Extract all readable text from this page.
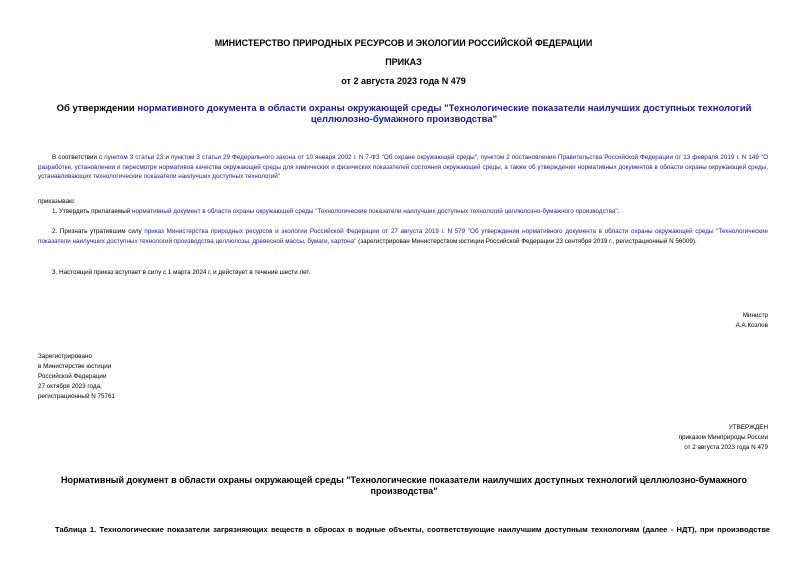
МИНИСТЕРСТВО ПРИРОДНЫХ РЕСУРСОВ И ЭКОЛОГИИ РОССИЙСКОЙ ФЕДЕРАЦИИ
ПРИКАЗ
от 2 августа 2023 года N 479
Об утверждении нормативного документа в области охраны окружающей среды "Технологические показатели наилучших доступных технологий целлюлозно-бумажного производства"
В соответствии с пунктом 3 статьи 23 и пунктом 3 статьи 29 Федерального закона от 10 января 2002 г. N 7-ФЗ "Об охране окружающей среды", пунктом 2 постановления Правительства Российской Федерации от 13 февраля 2019 г. N 149 "О разработке, установлении и пересмотре нормативов качества окружающей среды для химических и физических показателей состояния окружающей среды, а также об утверждении нормативных документов в области охраны окружающей среды, устанавливающих технологические показатели наилучших доступных технологий"
приказываю:
1. Утвердить прилагаемый нормативный документ в области охраны окружающей среды "Технологические показатели наилучших доступных технологий целлюлозно-бумажного производства".
2. Признать утратившим силу приказ Министерства природных ресурсов и экологии Российской Федерации от 27 августа 2019 г. N 579 "Об утверждении нормативного документа в области охраны окружающей среды "Технологические показатели наилучших доступных технологий производства целлюлозы, древесной массы, бумаги, картона" (зарегистрирован Министерством юстиции Российской Федерации 23 сентября 2019 г., регистрационный N 56009).
3. Настоящий приказ вступает в силу с 1 марта 2024 г. и действует в течение шести лет.
Министр
А.А.Козлов
Зарегистрировано
в Министерстве юстиции
Российской Федерации
27 октября 2023 года,
регистрационный N 75761
УТВЕРЖДЕН
приказом Минприроды России
от 2 августа 2023 года N 479
Нормативный документ в области охраны окружающей среды "Технологические показатели наилучших доступных технологий целлюлозно-бумажного производства"
Таблица 1. Технологические показатели загрязняющих веществ в сбросах в водные объекты, соответствующие наилучшим доступным технологиям (далее - НДТ), при производстве
